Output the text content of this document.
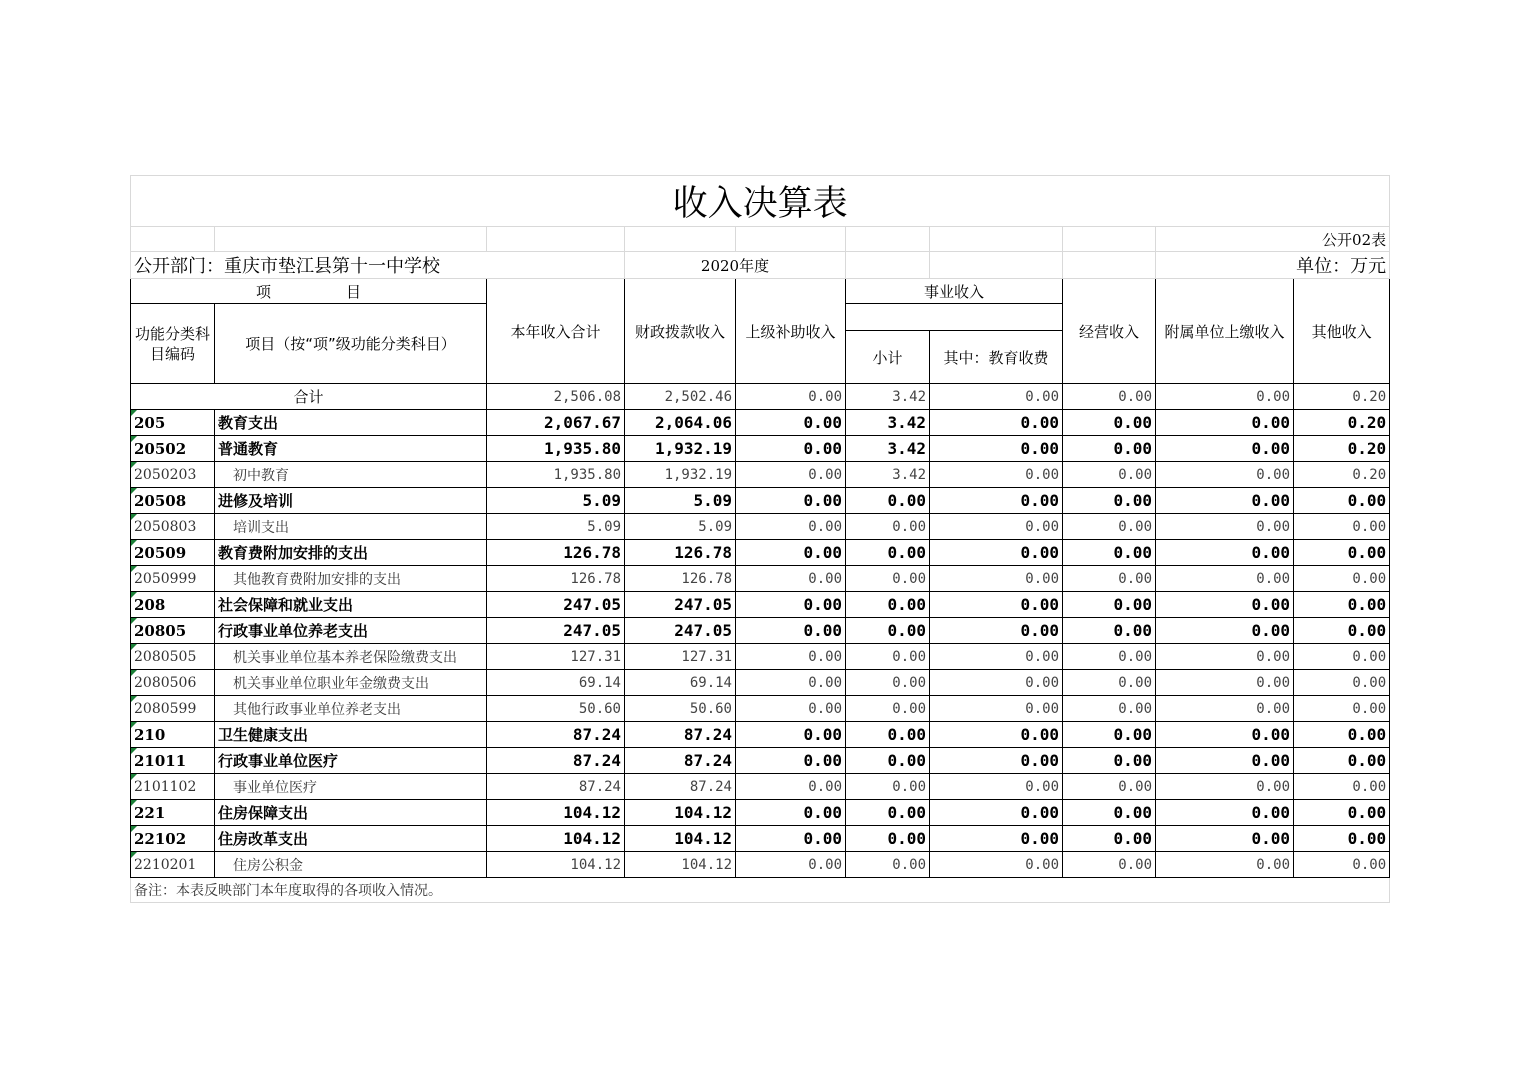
收入决算表									
								公开02表	
公开部门：重庆市垫江县第十一中学校			2020年度					单位：万元	
项　　　　　目		本年收入合计	财政拨款收入	上级补助收入	事业收入		经营收入	附属单位上缴收入	其他收入
功能分类科目编码	项目（按“项”级功能分类科目）								
					小计	其中：教育收费			
合计		2,506.08	2,502.46	0.00	3.42	0.00	0.00	0.00	0.20
205	教育支出	2,067.67	2,064.06	0.00	3.42	0.00	0.00	0.00	0.20
20502	普通教育	1,935.80	1,932.19	0.00	3.42	0.00	0.00	0.00	0.20
2050203	初中教育	1,935.80	1,932.19	0.00	3.42	0.00	0.00	0.00	0.20
20508	进修及培训	5.09	5.09	0.00	0.00	0.00	0.00	0.00	0.00
2050803	培训支出	5.09	5.09	0.00	0.00	0.00	0.00	0.00	0.00
20509	教育费附加安排的支出	126.78	126.78	0.00	0.00	0.00	0.00	0.00	0.00
2050999	其他教育费附加安排的支出	126.78	126.78	0.00	0.00	0.00	0.00	0.00	0.00
208	社会保障和就业支出	247.05	247.05	0.00	0.00	0.00	0.00	0.00	0.00
20805	行政事业单位养老支出	247.05	247.05	0.00	0.00	0.00	0.00	0.00	0.00
2080505	机关事业单位基本养老保险缴费支出	127.31	127.31	0.00	0.00	0.00	0.00	0.00	0.00
2080506	机关事业单位职业年金缴费支出	69.14	69.14	0.00	0.00	0.00	0.00	0.00	0.00
2080599	其他行政事业单位养老支出	50.60	50.60	0.00	0.00	0.00	0.00	0.00	0.00
210	卫生健康支出	87.24	87.24	0.00	0.00	0.00	0.00	0.00	0.00
21011	行政事业单位医疗	87.24	87.24	0.00	0.00	0.00	0.00	0.00	0.00
2101102	事业单位医疗	87.24	87.24	0.00	0.00	0.00	0.00	0.00	0.00
221	住房保障支出	104.12	104.12	0.00	0.00	0.00	0.00	0.00	0.00
22102	住房改革支出	104.12	104.12	0.00	0.00	0.00	0.00	0.00	0.00
2210201	住房公积金	104.12	104.12	0.00	0.00	0.00	0.00	0.00	0.00
备注：本表反映部门本年度取得的各项收入情况。									
